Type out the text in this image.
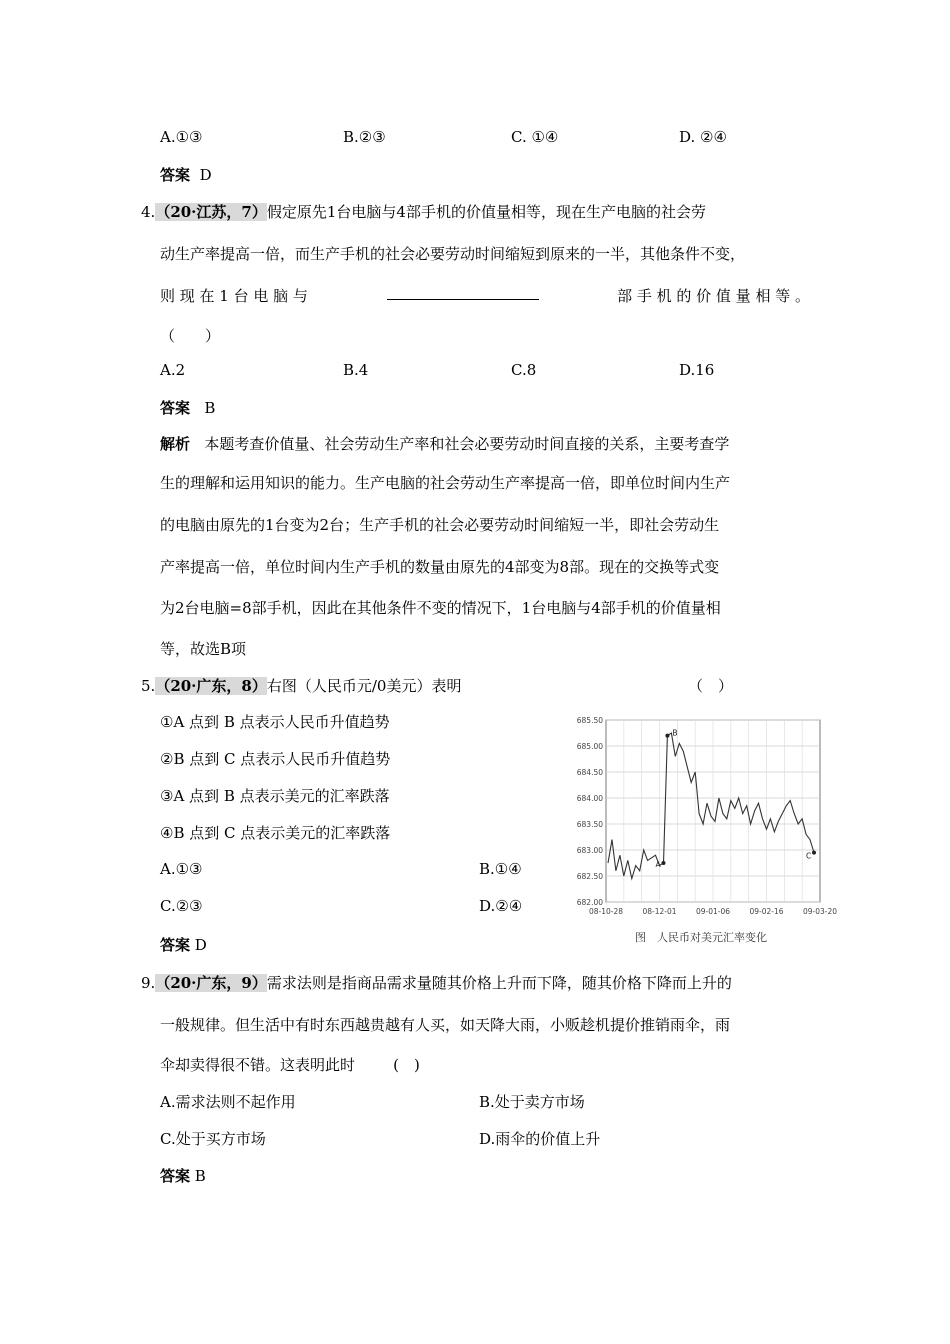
A.①③	B.②③	C. ①④	D. ②④
答案 D
4.（20·江苏，7）假定原先1台电脑与4部手机的价值量相等，现在生产电脑的社会劳
动生产率提高一倍，而生产手机的社会必要劳动时间缩短到原来的一半，其他条件不变，
则 现 在 1 台 电 脑 与	部 手 机 的 价 值 量 相 等 。
（　　）
A.2	B.4	C.8	D.16
答案 B
解析 本题考查价值量、社会劳动生产率和社会必要劳动时间直接的关系，主要考查学
生的理解和运用知识的能力。生产电脑的社会劳动生产率提高一倍，即单位时间内生产
的电脑由原先的1台变为2台；生产手机的社会必要劳动时间缩短一半，即社会劳动生
产率提高一倍，单位时间内生产手机的数量由原先的4部变为8部。现在的交换等式变
为2台电脑=8部手机，因此在其他条件不变的情况下，1台电脑与4部手机的价值量相
等，故选B项
5.（20·广东，8）右图（人民币元/0美元）表明	（　）
①A 点到 B 点表示人民币升值趋势
②B 点到 C 点表示人民币升值趋势
③A 点到 B 点表示美元的汇率跌落
④B 点到 C 点表示美元的汇率跌落
A.①③	B.①④
C.②③	D.②④
答案 D
685.50
685.00
684.50
684.00
683.50
683.00
682.50
682.00
08-10-28	08-12-01	09-01-06	09-02-16	09-03-20
A
B
C
图　人民币对美元汇率变化
9.（20·广东，9）需求法则是指商品需求量随其价格上升而下降，随其价格下降而上升的
一般规律。但生活中有时东西越贵越有人买，如天降大雨，小贩趁机提价推销雨伞，雨
伞却卖得很不错。这表明此时	(　)
A.需求法则不起作用	B.处于卖方市场
C.处于买方市场	D.雨伞的价值上升
答案 B
